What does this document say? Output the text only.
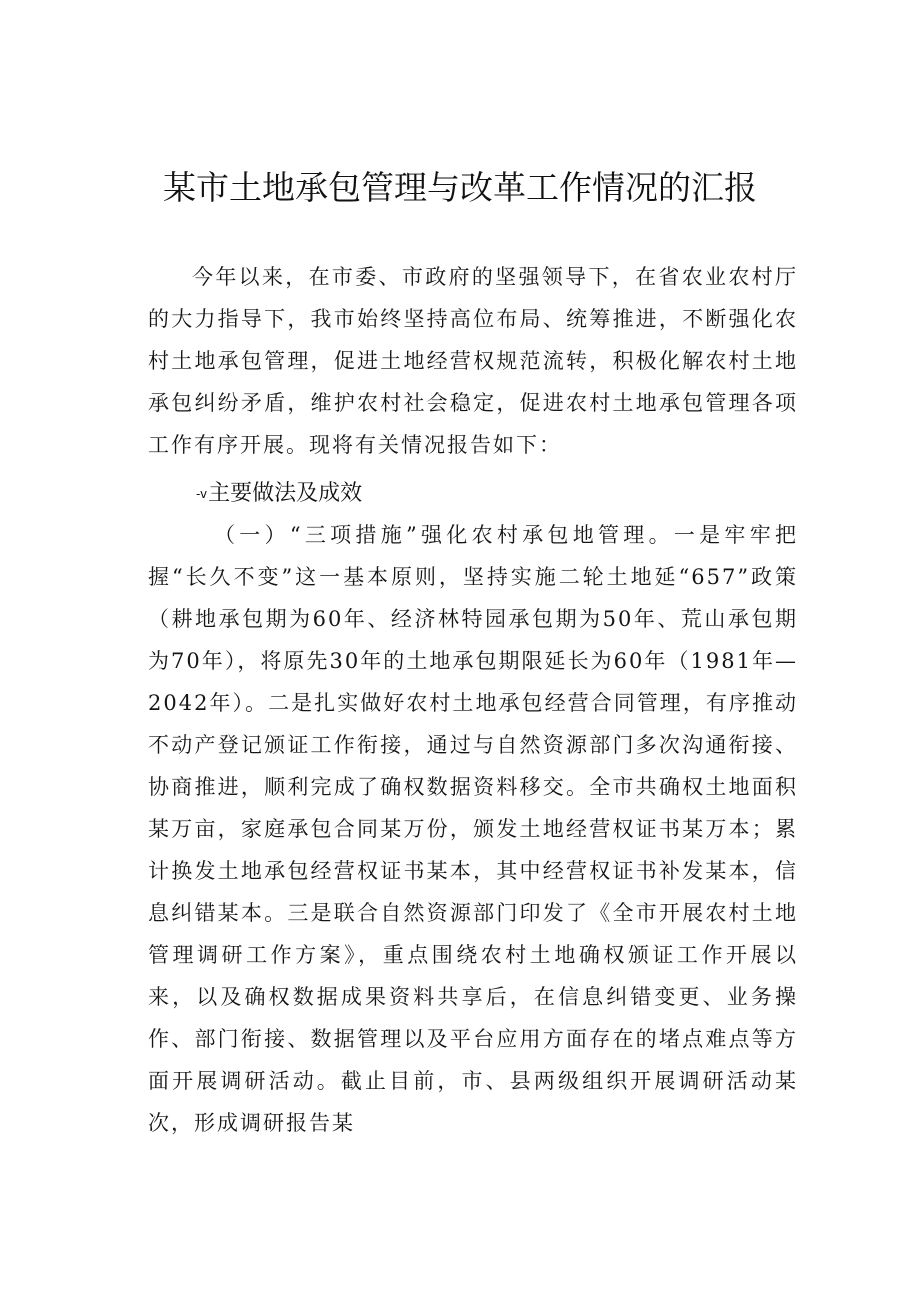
某市土地承包管理与改革工作情况的汇报

今年以来，在市委、市政府的坚强领导下，在省农业农村厅的大力指导下，我市始终坚持高位布局、统筹推进，不断强化农村土地承包管理，促进土地经营权规范流转，积极化解农村土地承包纠纷矛盾，维护农村社会稳定，促进农村土地承包管理各项工作有序开展。现将有关情况报告如下：

-v主要做法及成效

（一）“三项措施”强化农村承包地管理。一是牢牢把握“长久不变”这一基本原则，坚持实施二轮土地延“657”政策（耕地承包期为60年、经济林特园承包期为50年、荒山承包期为70年），将原先30年的土地承包期限延长为60年（1981年—2042年）。二是扎实做好农村土地承包经营合同管理，有序推动不动产登记颁证工作衔接，通过与自然资源部门多次沟通衔接、协商推进，顺利完成了确权数据资料移交。全市共确权土地面积某万亩，家庭承包合同某万份，颁发土地经营权证书某万本；累计换发土地承包经营权证书某本，其中经营权证书补发某本，信息纠错某本。三是联合自然资源部门印发了《全市开展农村土地管理调研工作方案》，重点围绕农村土地确权颁证工作开展以来，以及确权数据成果资料共享后，在信息纠错变更、业务操作、部门衔接、数据管理以及平台应用方面存在的堵点难点等方面开展调研活动。截止目前，市、县两级组织开展调研活动某次，形成调研报告某
